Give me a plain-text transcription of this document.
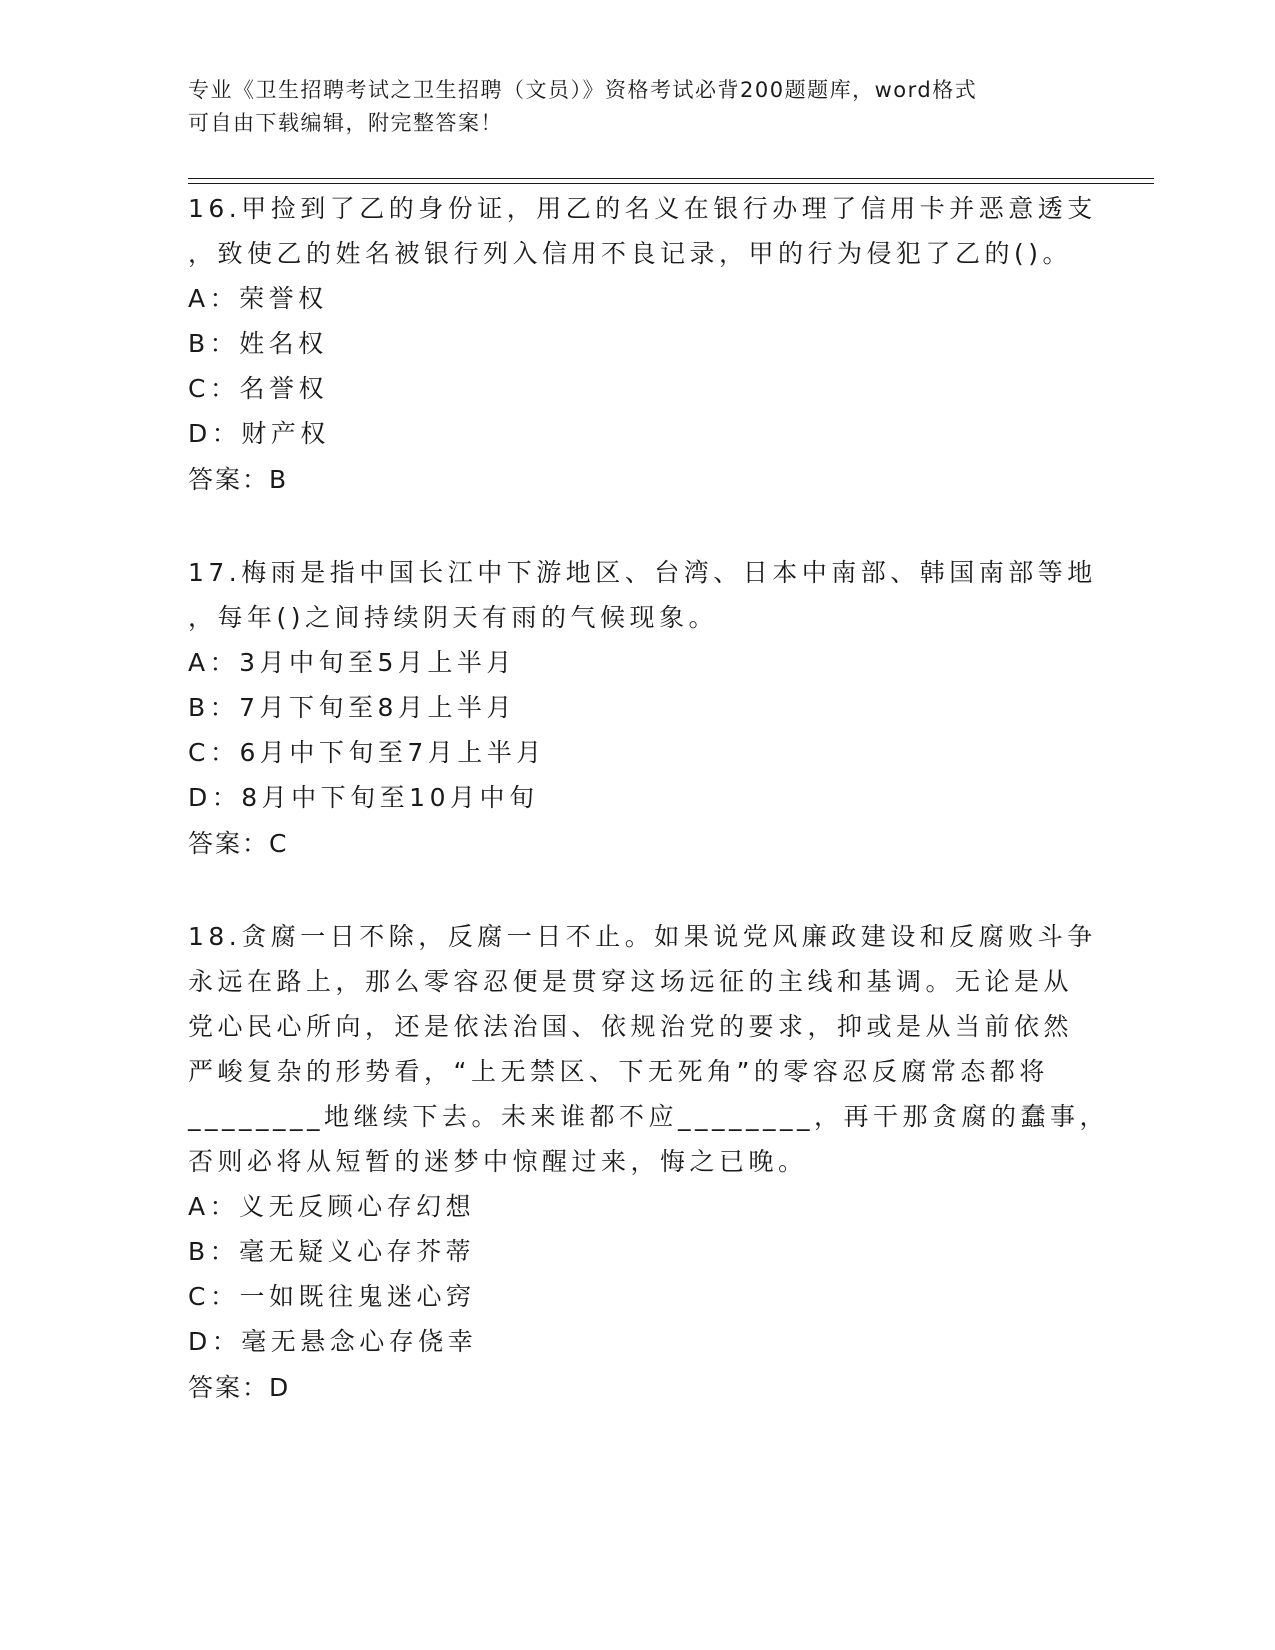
专业《卫生招聘考试之卫生招聘（文员）》资格考试必背200题题库，word格式
可自由下载编辑，附完整答案！
16.甲捡到了乙的身份证，用乙的名义在银行办理了信用卡并恶意透支
，致使乙的姓名被银行列入信用不良记录，甲的行为侵犯了乙的()。
A：荣誉权
B：姓名权
C：名誉权
D：财产权
答案：B
17.梅雨是指中国长江中下游地区、台湾、日本中南部、韩国南部等地
，每年()之间持续阴天有雨的气候现象。
A：3月中旬至5月上半月
B：7月下旬至8月上半月
C：6月中下旬至7月上半月
D：8月中下旬至10月中旬
答案：C
18.贪腐一日不除，反腐一日不止。如果说党风廉政建设和反腐败斗争
永远在路上，那么零容忍便是贯穿这场远征的主线和基调。无论是从
党心民心所向，还是依法治国、依规治党的要求，抑或是从当前依然
严峻复杂的形势看，“上无禁区、下无死角”的零容忍反腐常态都将
________地继续下去。未来谁都不应________，再干那贪腐的蠢事，
否则必将从短暂的迷梦中惊醒过来，悔之已晚。
A：义无反顾心存幻想
B：毫无疑义心存芥蒂
C：一如既往鬼迷心窍
D：毫无悬念心存侥幸
答案：D
